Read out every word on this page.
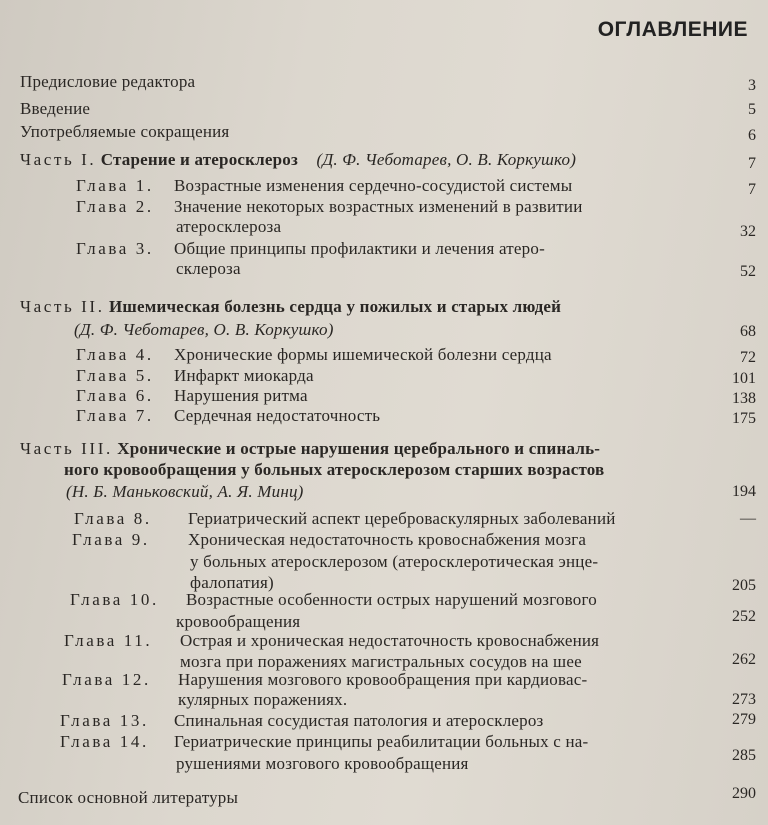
ОГЛАВЛЕНИЕ
Предисловие редактора	3
Введение	5
Употребляемые сокращения	6
Часть I. Старение и атеросклероз (Д. Ф. Чеботарев, О. В. Коркушко)	7
Глава 1. Возрастные изменения сердечно-сосудистой системы	7
Глава 2. Значение некоторых возрастных изменений в развитии
атеросклероза	32
Глава 3. Общие принципы профилактики и лечения атеро-
склероза	52
Часть II. Ишемическая болезнь сердца у пожилых и старых людей
(Д. Ф. Чеботарев, О. В. Коркушко)	68
Глава 4. Хронические формы ишемической болезни сердца	72
Глава 5. Инфаркт миокарда	101
Глава 6. Нарушения ритма	138
Глава 7. Сердечная недостаточность	175
Часть III. Хронические и острые нарушения церебрального и спиналь-
ного кровообращения у больных атеросклерозом старших возрастов
(Н. Б. Маньковский, А. Я. Минц)	194
Глава 8. Гериатрический аспект цереброваскулярных заболеваний	—
Глава 9. Хроническая недостаточность кровоснабжения мозга
у больных атеросклерозом (атеросклеротическая энце-
фалопатия)	205
Глава 10. Возрастные особенности острых нарушений мозгового
кровообращения	252
Глава 11. Острая и хроническая недостаточность кровоснабжения
мозга при поражениях магистральных сосудов на шее	262
Глава 12. Нарушения мозгового кровообращения при кардиовас-
кулярных поражениях.	273
Глава 13. Спинальная сосудистая патология и атеросклероз	279
Глава 14. Гериатрические принципы реабилитации больных с на-
рушениями мозгового кровообращения	285
Список основной литературы	290
